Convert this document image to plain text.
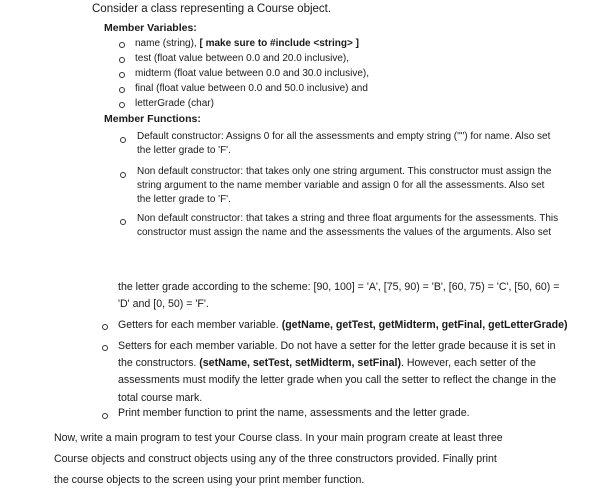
Consider a class representing a Course object.

Member Variables:

name (string), [ make sure to #include <string> ]

test (float value between 0.0 and 20.0 inclusive),

midterm (float value between 0.0 and 30.0 inclusive),

final (float value between 0.0 and 50.0 inclusive) and

letterGrade (char)

Member Functions:

Default constructor: Assigns 0 for all the assessments and empty string ("") for name. Also set
the letter grade to 'F'.

Non default constructor: that takes only one string argument. This constructor must assign the
string argument to the name member variable and assign 0 for all the assessments. Also set
the letter grade to 'F'.

Non default constructor: that takes a string and three float arguments for the assessments. This
constructor must assign the name and the assessments the values of the arguments. Also set

the letter grade according to the scheme: [90, 100] = 'A', [75, 90) = 'B', [60, 75) = 'C', [50, 60) =
'D' and [0, 50) = 'F'.

Getters for each member variable. (getName, getTest, getMidterm, getFinal, getLetterGrade)

Setters for each member variable. Do not have a setter for the letter grade because it is set in
the constructors. (setName, setTest, setMidterm, setFinal). However, each setter of the
assessments must modify the letter grade when you call the setter to reflect the change in the
total course mark.

Print member function to print the name, assessments and the letter grade.

Now, write a main program to test your Course class. In your main program create at least three
Course objects and construct objects using any of the three constructors provided. Finally print
the course objects to the screen using your print member function.
